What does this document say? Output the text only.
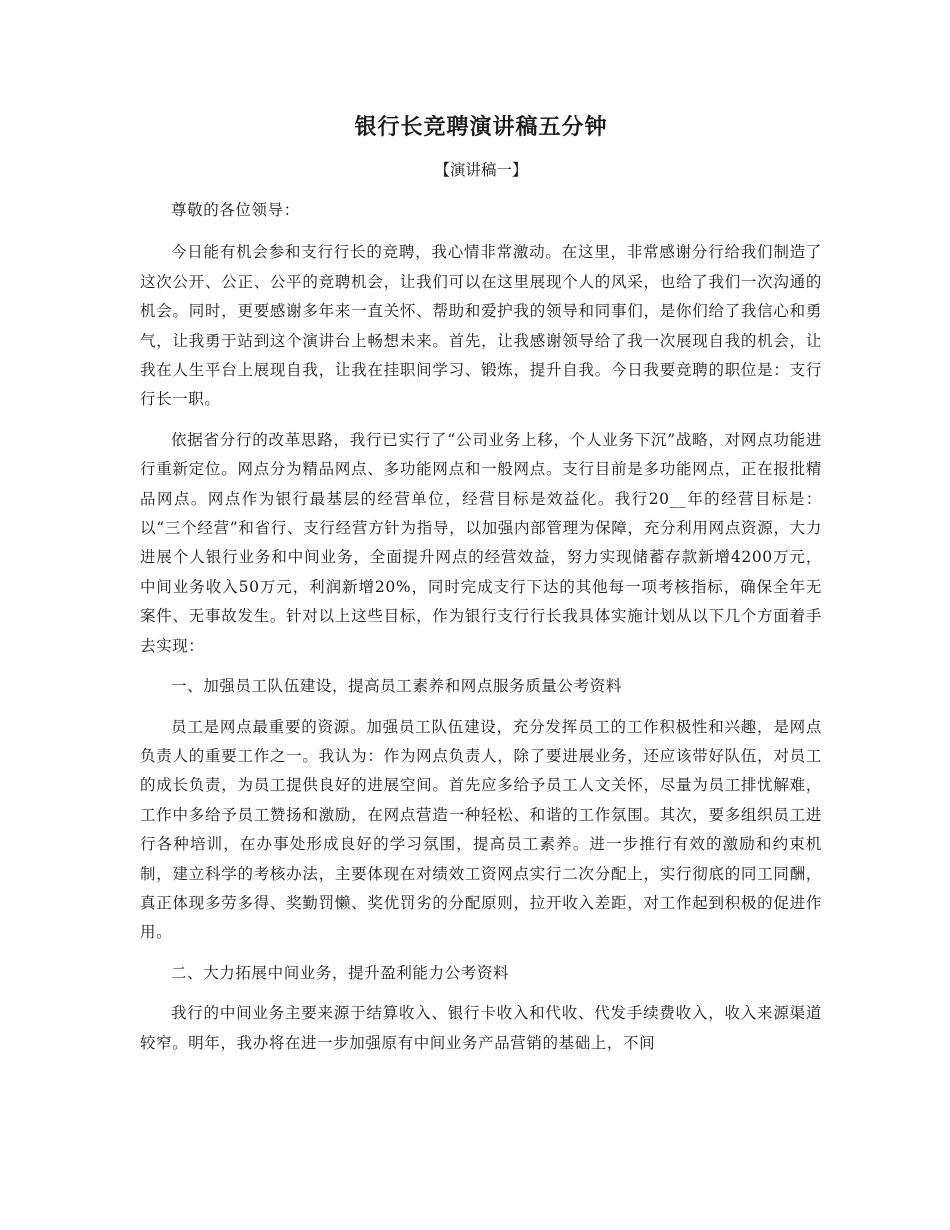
银行长竞聘演讲稿五分钟

【演讲稿一】

尊敬的各位领导：

今日能有机会参和支行行长的竞聘，我心情非常激动。在这里，非常感谢分行给我们制造了这次公开、公正、公平的竞聘机会，让我们可以在这里展现个人的风采，也给了我们一次沟通的机会。同时，更要感谢多年来一直关怀、帮助和爱护我的领导和同事们，是你们给了我信心和勇气，让我勇于站到这个演讲台上畅想未来。首先，让我感谢领导给了我一次展现自我的机会，让我在人生平台上展现自我，让我在挂职间学习、锻炼，提升自我。今日我要竞聘的职位是：支行行长一职。

依据省分行的改革思路，我行已实行了“公司业务上移，个人业务下沉”战略，对网点功能进行重新定位。网点分为精品网点、多功能网点和一般网点。支行目前是多功能网点，正在报批精品网点。网点作为银行最基层的经营单位，经营目标是效益化。我行20__年的经营目标是：以“三个经营”和省行、支行经营方针为指导，以加强内部管理为保障，充分利用网点资源，大力进展个人银行业务和中间业务，全面提升网点的经营效益，努力实现储蓄存款新增4200万元，中间业务收入50万元，利润新增20%，同时完成支行下达的其他每一项考核指标，确保全年无案件、无事故发生。针对以上这些目标，作为银行支行行长我具体实施计划从以下几个方面着手去实现：

一、加强员工队伍建设，提高员工素养和网点服务质量公考资料

员工是网点最重要的资源。加强员工队伍建设，充分发挥员工的工作积极性和兴趣，是网点负责人的重要工作之一。我认为：作为网点负责人，除了要进展业务，还应该带好队伍，对员工的成长负责，为员工提供良好的进展空间。首先应多给予员工人文关怀，尽量为员工排忧解难，工作中多给予员工赞扬和激励，在网点营造一种轻松、和谐的工作氛围。其次，要多组织员工进行各种培训，在办事处形成良好的学习氛围，提高员工素养。进一步推行有效的激励和约束机制，建立科学的考核办法，主要体现在对绩效工资网点实行二次分配上，实行彻底的同工同酬，真正体现多劳多得、奖勤罚懒、奖优罚劣的分配原则，拉开收入差距，对工作起到积极的促进作用。

二、大力拓展中间业务，提升盈利能力公考资料

我行的中间业务主要来源于结算收入、银行卡收入和代收、代发手续费收入，收入来源渠道较窄。明年，我办将在进一步加强原有中间业务产品营销的基础上，不间
